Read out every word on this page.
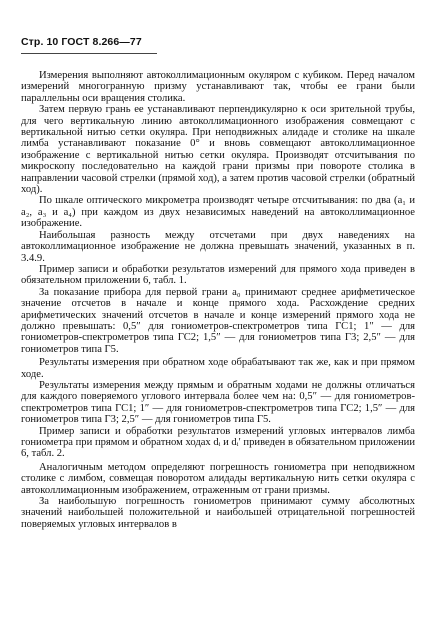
Стр. 10 ГОСТ 8.266—77

Измерения выполняют автоколлимационным окуляром с кубиком. Перед началом измерений многогранную призму устанавливают так, чтобы ее грани были параллельны оси вращения столика.

Затем первую грань ее устанавливают перпендикулярно к оси зрительной трубы, для чего вертикальную линию автоколлимационного изображения совмещают с вертикальной нитью сетки окуляра. При неподвижных алидаде и столике на шкале лимба устанавливают показание 0° и вновь совмещают автоколлимационное изображение с вертикальной нитью сетки окуляра. Производят отсчитывания по микроскопу последовательно на каждой грани призмы при повороте столика в направлении часовой стрелки (прямой ход), а затем против часовой стрелки (обратный ход).

По шкале оптического микрометра производят четыре отсчитывания: по два (a₁ и a₂, a₃ и a₄) при каждом из двух независимых наведений на автоколлимационное изображение.

Наибольшая разность между отсчетами при двух наведениях на автоколлимационное изображение не должна превышать значений, указанных в п. 3.4.9.

Пример записи и обработки результатов измерений для прямого хода приведен в обязательном приложении 6, табл. 1.

За показание прибора для первой грани a₀ принимают среднее арифметическое значение отсчетов в начале и конце прямого хода. Расхождение средних арифметических значений отсчетов в начале и конце измерений прямого хода не должно превышать: 0,5″ для гониометров-спектрометров типа ГС1; 1″ — для гониометров-спектрометров типа ГС2; 1,5″ — для гониометров типа Г3; 2,5″ — для гониометров типа Г5.

Результаты измерения при обратном ходе обрабатывают так же, как и при прямом ходе.

Результаты измерения между прямым и обратным ходами не должны отличаться для каждого поверяемого углового интервала более чем на: 0,5″ — для гониометров-спектрометров типа ГС1; 1″ — для гониометров-спектрометров типа ГС2; 1,5″ — для гониометров типа Г3; 2,5″ — для гониометров типа Г5.

Пример записи и обработки результатов измерений угловых интервалов лимба гониометра при прямом и обратном ходах dᵢ и dᵢ′ приведен в обязательном приложении 6, табл. 2.

Аналогичным методом определяют погрешность гониометра при неподвижном столике с лимбом, совмещая поворотом алидады вертикальную нить сетки окуляра с автоколлимационным изображением, отраженным от грани призмы.

За наибольшую погрешность гониометров принимают сумму абсолютных значений наибольшей положительной и наибольшей отрицательной погрешностей поверяемых угловых интервалов в
